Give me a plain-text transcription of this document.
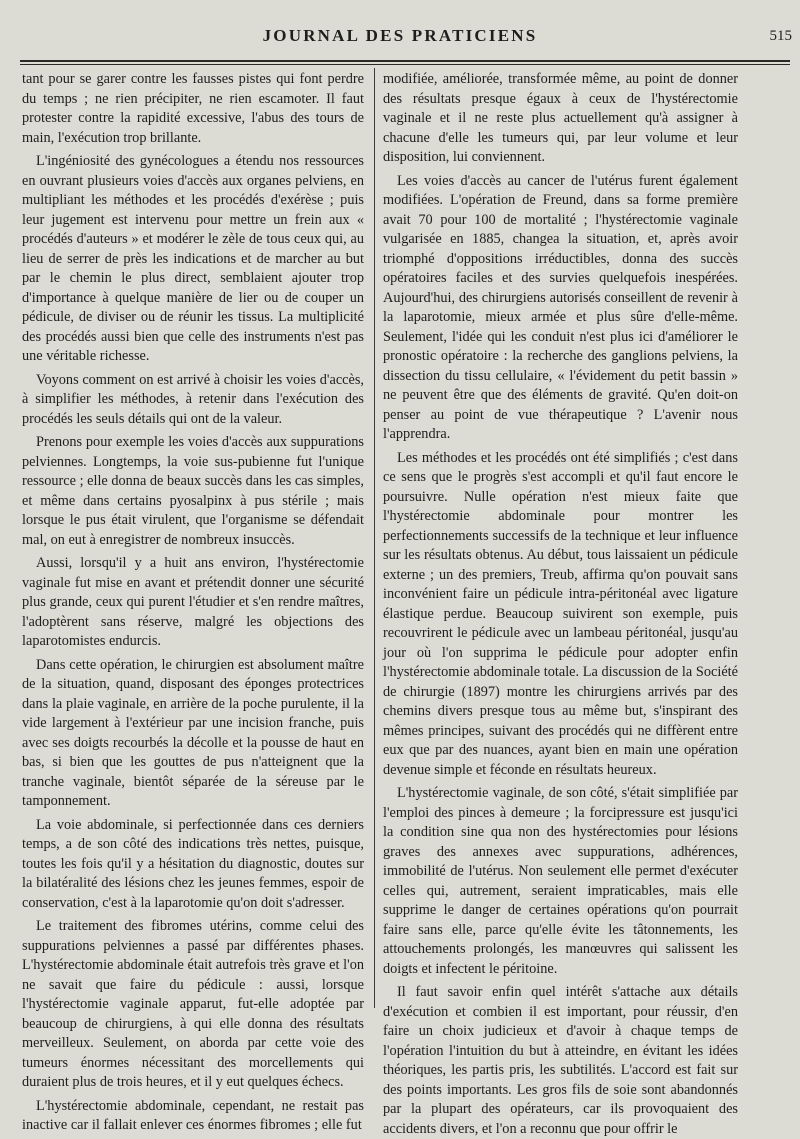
JOURNAL DES PRATICIENS	515

tant pour se garer contre les fausses pistes qui font perdre du temps ; ne rien précipiter, ne rien escamoter. Il faut protester contre la rapidité excessive, l'abus des tours de main, l'exécution trop brillante.

L'ingéniosité des gynécologues a étendu nos ressources en ouvrant plusieurs voies d'accès aux organes pelviens, en multipliant les méthodes et les procédés d'exérèse ; puis leur jugement est intervenu pour mettre un frein aux « procédés d'auteurs » et modérer le zèle de tous ceux qui, au lieu de serrer de près les indications et de marcher au but par le chemin le plus direct, semblaient ajouter trop d'importance à quelque manière de lier ou de couper un pédicule, de diviser ou de réunir les tissus. La multiplicité des procédés aussi bien que celle des instruments n'est pas une véritable richesse.

Voyons comment on est arrivé à choisir les voies d'accès, à simplifier les méthodes, à retenir dans l'exécution des procédés les seuls détails qui ont de la valeur.

Prenons pour exemple les voies d'accès aux suppurations pelviennes. Longtemps, la voie sus-pubienne fut l'unique ressource ; elle donna de beaux succès dans les cas simples, et même dans certains pyosalpinx à pus stérile ; mais lorsque le pus était virulent, que l'organisme se défendait mal, on eut à enregistrer de nombreux insuccès.

Aussi, lorsqu'il y a huit ans environ, l'hystérectomie vaginale fut mise en avant et prétendit donner une sécurité plus grande, ceux qui purent l'étudier et s'en rendre maîtres, l'adoptèrent sans réserve, malgré les objections des laparotomistes endurcis.

Dans cette opération, le chirurgien est absolument maître de la situation, quand, disposant des éponges protectrices dans la plaie vaginale, en arrière de la poche purulente, il la vide largement à l'extérieur par une incision franche, puis avec ses doigts recourbés la décolle et la pousse de haut en bas, si bien que les gouttes de pus n'atteignent que la tranche vaginale, bientôt séparée de la séreuse par le tamponnement.

La voie abdominale, si perfectionnée dans ces derniers temps, a de son côté des indications très nettes, puisque, toutes les fois qu'il y a hésitation du diagnostic, doutes sur la bilatéralité des lésions chez les jeunes femmes, espoir de conservation, c'est à la laparotomie qu'on doit s'adresser.

Le traitement des fibromes utérins, comme celui des suppurations pelviennes a passé par différentes phases. L'hystérectomie abdominale était autrefois très grave et l'on ne savait que faire du pédicule : aussi, lorsque l'hystérectomie vaginale apparut, fut-elle adoptée par beaucoup de chirurgiens, à qui elle donna des résultats merveilleux. Seulement, on aborda par cette voie des tumeurs énormes nécessitant des morcellements qui duraient plus de trois heures, et il y eut quelques échecs.

L'hystérectomie abdominale, cependant, ne restait pas inactive car il fallait enlever ces énormes fibromes ; elle fut

modifiée, améliorée, transformée même, au point de donner des résultats presque égaux à ceux de l'hystérectomie vaginale et il ne reste plus actuellement qu'à assigner à chacune d'elle les tumeurs qui, par leur volume et leur disposition, lui conviennent.

Les voies d'accès au cancer de l'utérus furent également modifiées. L'opération de Freund, dans sa forme première avait 70 pour 100 de mortalité ; l'hystérectomie vaginale vulgarisée en 1885, changea la situation, et, après avoir triomphé d'oppositions irréductibles, donna des succès opératoires faciles et des survies quelquefois inespérées. Aujourd'hui, des chirurgiens autorisés conseillent de revenir à la laparotomie, mieux armée et plus sûre d'elle-même. Seulement, l'idée qui les conduit n'est plus ici d'améliorer le pronostic opératoire : la recherche des ganglions pelviens, la dissection du tissu cellulaire, « l'évidement du petit bassin » ne peuvent être que des éléments de gravité. Qu'en doit-on penser au point de vue thérapeutique ? L'avenir nous l'apprendra.

Les méthodes et les procédés ont été simplifiés ; c'est dans ce sens que le progrès s'est accompli et qu'il faut encore le poursuivre. Nulle opération n'est mieux faite que l'hystérectomie abdominale pour montrer les perfectionnements successifs de la technique et leur influence sur les résultats obtenus. Au début, tous laissaient un pédicule externe ; un des premiers, Treub, affirma qu'on pouvait sans inconvénient faire un pédicule intra-péritonéal avec ligature élastique perdue. Beaucoup suivirent son exemple, puis recouvrirent le pédicule avec un lambeau péritonéal, jusqu'au jour où l'on supprima le pédicule pour adopter enfin l'hystérectomie abdominale totale. La discussion de la Société de chirurgie (1897) montre les chirurgiens arrivés par des chemins divers presque tous au même but, s'inspirant des mêmes principes, suivant des procédés qui ne diffèrent entre eux que par des nuances, ayant bien en main une opération devenue simple et féconde en résultats heureux.

L'hystérectomie vaginale, de son côté, s'était simplifiée par l'emploi des pinces à demeure ; la forcipressure est jusqu'ici la condition sine qua non des hystérectomies pour lésions graves des annexes avec suppurations, adhérences, immobilité de l'utérus. Non seulement elle permet d'exécuter celles qui, autrement, seraient impraticables, mais elle supprime le danger de certaines opérations qu'on pourrait faire sans elle, parce qu'elle évite les tâtonnements, les attouchements prolongés, les manœuvres qui salissent les doigts et infectent le péritoine.

Il faut savoir enfin quel intérêt s'attache aux détails d'exécution et combien il est important, pour réussir, d'en faire un choix judicieux et d'avoir à chaque temps de l'opération l'intuition du but à atteindre, en évitant les idées théoriques, les partis pris, les subtilités. L'accord est fait sur des points importants. Les gros fils de soie sont abandonnés par la plupart des opérateurs, car ils provoquaient des accidents divers, et l'on a reconnu que pour offrir le
